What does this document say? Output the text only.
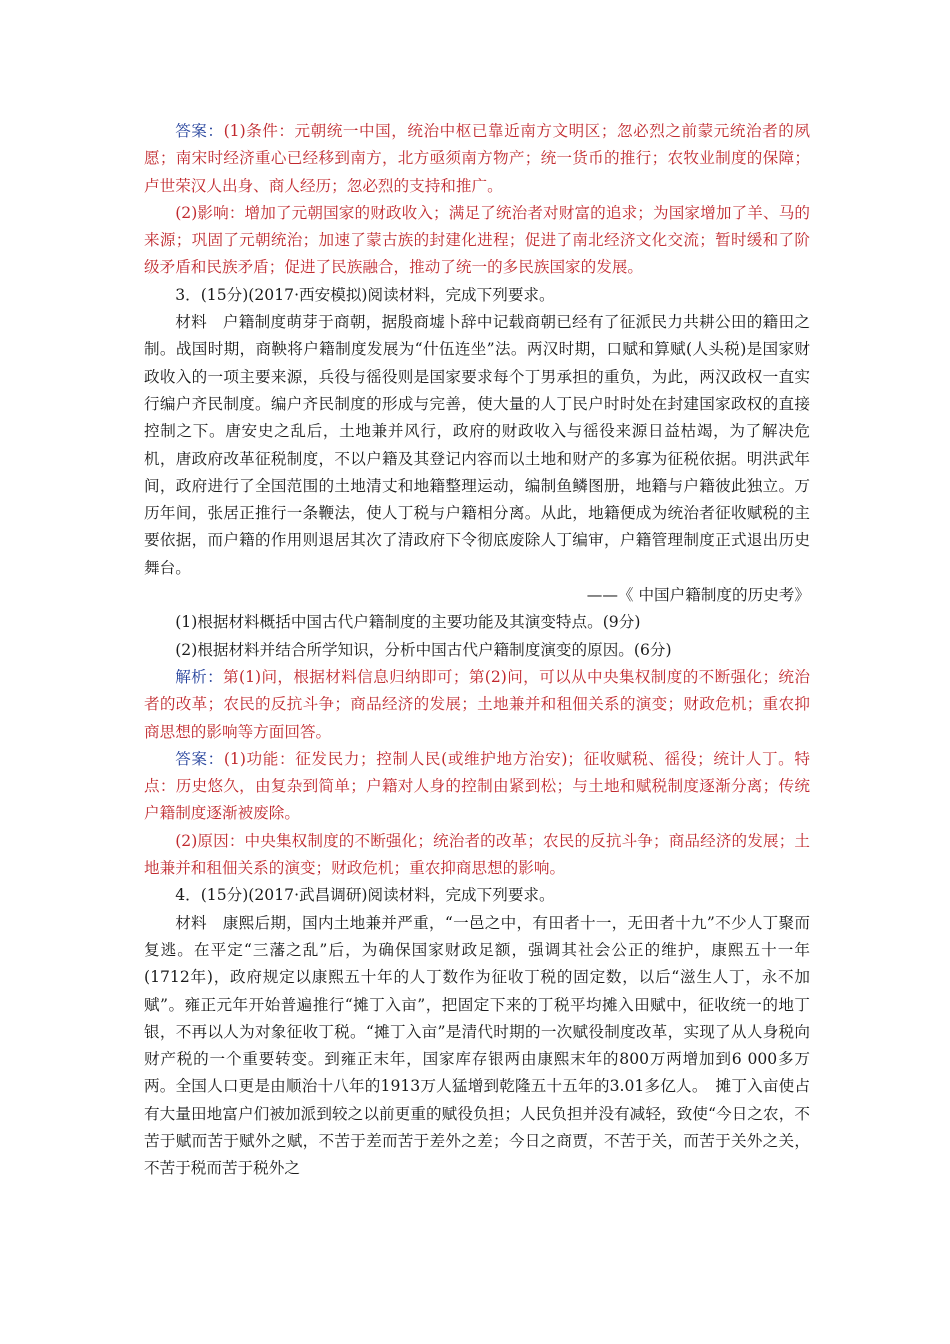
答案：(1)条件：元朝统一中国，统治中枢已靠近南方文明区；忽必烈之前蒙元统治者的夙愿；南宋时经济重心已经移到南方，北方亟须南方物产；统一货币的推行；农牧业制度的保障；卢世荣汉人出身、商人经历；忽必烈的支持和推广。

(2)影响：增加了元朝国家的财政收入；满足了统治者对财富的追求；为国家增加了羊、马的来源；巩固了元朝统治；加速了蒙古族的封建化进程；促进了南北经济文化交流；暂时缓和了阶级矛盾和民族矛盾；促进了民族融合，推动了统一的多民族国家的发展。

3．(15分)(2017·西安模拟)阅读材料，完成下列要求。

材料　户籍制度萌芽于商朝，据殷商墟卜辞中记载商朝已经有了征派民力共耕公田的籍田之制。战国时期，商鞅将户籍制度发展为“什伍连坐”法。两汉时期，口赋和算赋(人头税)是国家财政收入的一项主要来源，兵役与徭役则是国家要求每个丁男承担的重负，为此，两汉政权一直实行编户齐民制度。编户齐民制度的形成与完善，使大量的人丁民户时时处在封建国家政权的直接控制之下。唐安史之乱后，土地兼并风行，政府的财政收入与徭役来源日益枯竭，为了解决危机，唐政府改革征税制度，不以户籍及其登记内容而以土地和财产的多寡为征税依据。明洪武年间，政府进行了全国范围的土地清丈和地籍整理运动，编制鱼鳞图册，地籍与户籍彼此独立。万历年间，张居正推行一条鞭法，使人丁税与户籍相分离。从此，地籍便成为统治者征收赋税的主要依据，而户籍的作用则退居其次了清政府下令彻底废除人丁编审，户籍管理制度正式退出历史舞台。

——《 中国户籍制度的历史考》

(1)根据材料概括中国古代户籍制度的主要功能及其演变特点。(9分)

(2)根据材料并结合所学知识，分析中国古代户籍制度演变的原因。(6分)

解析：第(1)问，根据材料信息归纳即可；第(2)问，可以从中央集权制度的不断强化；统治者的改革；农民的反抗斗争；商品经济的发展；土地兼并和租佃关系的演变；财政危机；重农抑商思想的影响等方面回答。

答案：(1)功能：征发民力；控制人民(或维护地方治安)；征收赋税、徭役；统计人丁。特点：历史悠久，由复杂到简单；户籍对人身的控制由紧到松；与土地和赋税制度逐渐分离；传统户籍制度逐渐被废除。

(2)原因：中央集权制度的不断强化；统治者的改革；农民的反抗斗争；商品经济的发展；土地兼并和租佃关系的演变；财政危机；重农抑商思想的影响。

4．(15分)(2017·武昌调研)阅读材料，完成下列要求。

材料　康熙后期，国内土地兼并严重，“一邑之中，有田者十一，无田者十九”不少人丁聚而复逃。在平定“三藩之乱”后，为确保国家财政足额，强调其社会公正的维护，康熙五十一年(1712年)，政府规定以康熙五十年的人丁数作为征收丁税的固定数，以后“滋生人丁，永不加赋”。雍正元年开始普遍推行“摊丁入亩”，把固定下来的丁税平均摊入田赋中，征收统一的地丁银，不再以人为对象征收丁税。“摊丁入亩”是清代时期的一次赋役制度改革，实现了从人身税向财产税的一个重要转变。到雍正末年，国家库存银两由康熙末年的800万两增加到6 000多万两。全国人口更是由顺治十八年的1913万人猛增到乾隆五十五年的3.01多亿人。　摊丁入亩使占有大量田地富户们被加派到较之以前更重的赋役负担；人民负担并没有减轻，致使“今日之农，不苦于赋而苦于赋外之赋，不苦于差而苦于差外之差；今日之商贾，不苦于关，而苦于关外之关，不苦于税而苦于税外之
